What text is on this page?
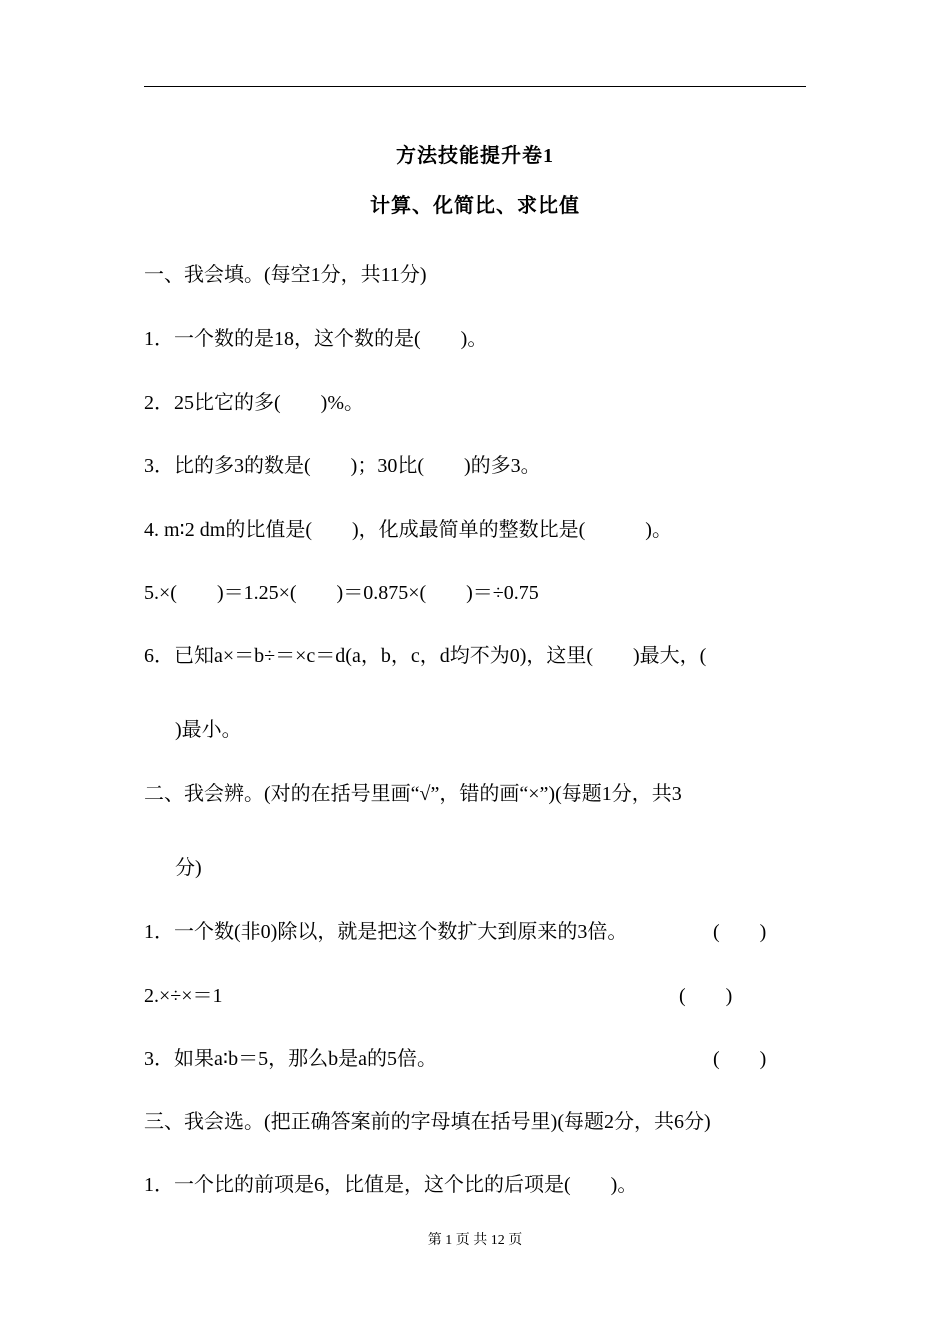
方法技能提升卷1
计算、化简比、求比值
一、我会填。(每空1分，共11分)
1．一个数的是18，这个数的是(　　)。
2．25比它的多(　　)%。
3．比的多3的数是(　　)；30比(　　)的多3。
4. m∶2 dm的比值是(　　)，化成最简单的整数比是(　　　)。
5.×(　　)＝1.25×(　　)＝0.875×(　　)＝÷0.75
6．已知a×＝b÷＝×c＝d(a，b，c，d均不为0)，这里(　　)最大，(
)最小。
二、我会辨。(对的在括号里画“√”，错的画“×”)(每题1分，共3
分)
1．一个数(非0)除以，就是把这个数扩大到原来的3倍。	(　　)
2.×÷×＝1	(　　)
3．如果a∶b＝5，那么b是a的5倍。	(　　)
三、我会选。(把正确答案前的字母填在括号里)(每题2分，共6分)
1．一个比的前项是6，比值是，这个比的后项是(　　)。
第 1 页 共 12 页
